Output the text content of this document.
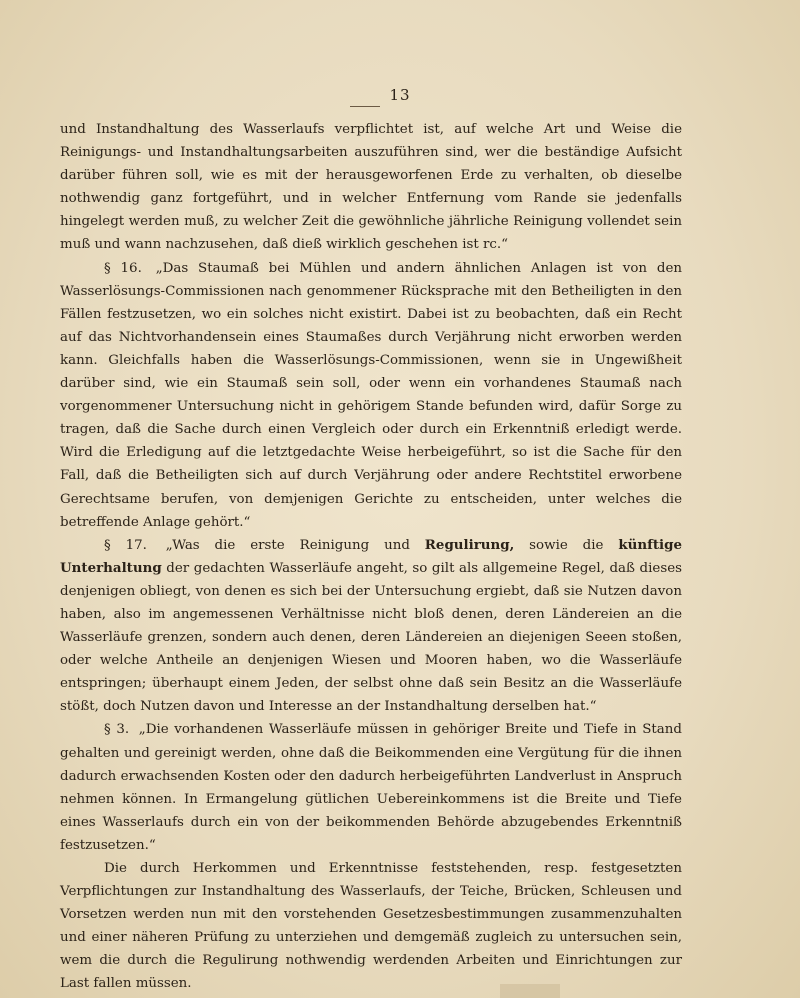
13

und Instandhaltung des Wasserlaufs verpflichtet ist, auf welche Art und Weise die Reinigungs- und Instandhaltungsarbeiten auszuführen sind, wer die beständige Aufsicht darüber führen soll, wie es mit der herausgeworfenen Erde zu verhalten, ob dieselbe nothwendig ganz fortgeführt, und in welcher Entfernung vom Rande sie jedenfalls hingelegt werden muß, zu welcher Zeit die gewöhnliche jährliche Reinigung vollendet sein muß und wann nachzusehen, daß dieß wirklich geschehen ist rc.“

§ 16. „Das Staumaß bei Mühlen und andern ähnlichen Anlagen ist von den Wasserlösungs-Commissionen nach genommener Rücksprache mit den Betheiligten in den Fällen festzusetzen, wo ein solches nicht existirt. Dabei ist zu beobachten, daß ein Recht auf das Nichtvorhandensein eines Staumaßes durch Verjährung nicht erworben werden kann. Gleichfalls haben die Wasserlösungs-Commissionen, wenn sie in Ungewißheit darüber sind, wie ein Staumaß sein soll, oder wenn ein vorhandenes Staumaß nach vorgenommener Untersuchung nicht in gehörigem Stande befunden wird, dafür Sorge zu tragen, daß die Sache durch einen Vergleich oder durch ein Erkenntniß erledigt werde. Wird die Erledigung auf die letztgedachte Weise herbeigeführt, so ist die Sache für den Fall, daß die Betheiligten sich auf durch Verjährung oder andere Rechtstitel erworbene Gerechtsame berufen, von demjenigen Gerichte zu entscheiden, unter welches die betreffende Anlage gehört.“

§ 17. „Was die erste Reinigung und Regulirung, sowie die künftige Unterhaltung der gedachten Wasserläufe angeht, so gilt als allgemeine Regel, daß dieses denjenigen obliegt, von denen es sich bei der Untersuchung ergiebt, daß sie Nutzen davon haben, also im angemessenen Verhältnisse nicht bloß denen, deren Ländereien an die Wasserläufe grenzen, sondern auch denen, deren Ländereien an diejenigen Seeen stoßen, oder welche Antheile an denjenigen Wiesen und Mooren haben, wo die Wasserläufe entspringen; überhaupt einem Jeden, der selbst ohne daß sein Besitz an die Wasserläufe stößt, doch Nutzen davon und Interesse an der Instandhaltung derselben hat.“

§ 3. „Die vorhandenen Wasserläufe müssen in gehöriger Breite und Tiefe in Stand gehalten und gereinigt werden, ohne daß die Beikommenden eine Vergütung für die ihnen dadurch erwachsenden Kosten oder den dadurch herbeigeführten Landverlust in Anspruch nehmen können. In Ermangelung gütlichen Uebereinkommens ist die Breite und Tiefe eines Wasserlaufs durch ein von der beikommenden Behörde abzugebendes Erkenntniß festzusetzen.“

Die durch Herkommen und Erkenntnisse feststehenden, resp. festgesetzten Verpflichtungen zur Instandhaltung des Wasserlaufs, der Teiche, Brücken, Schleusen und Vorsetzen werden nun mit den vorstehenden Gesetzesbestimmungen zusammenzuhalten und einer näheren Prüfung zu unterziehen und demgemäß zugleich zu untersuchen sein, wem die durch die Regulirung nothwendig werdenden Arbeiten und Einrichtungen zur Last fallen müssen.
